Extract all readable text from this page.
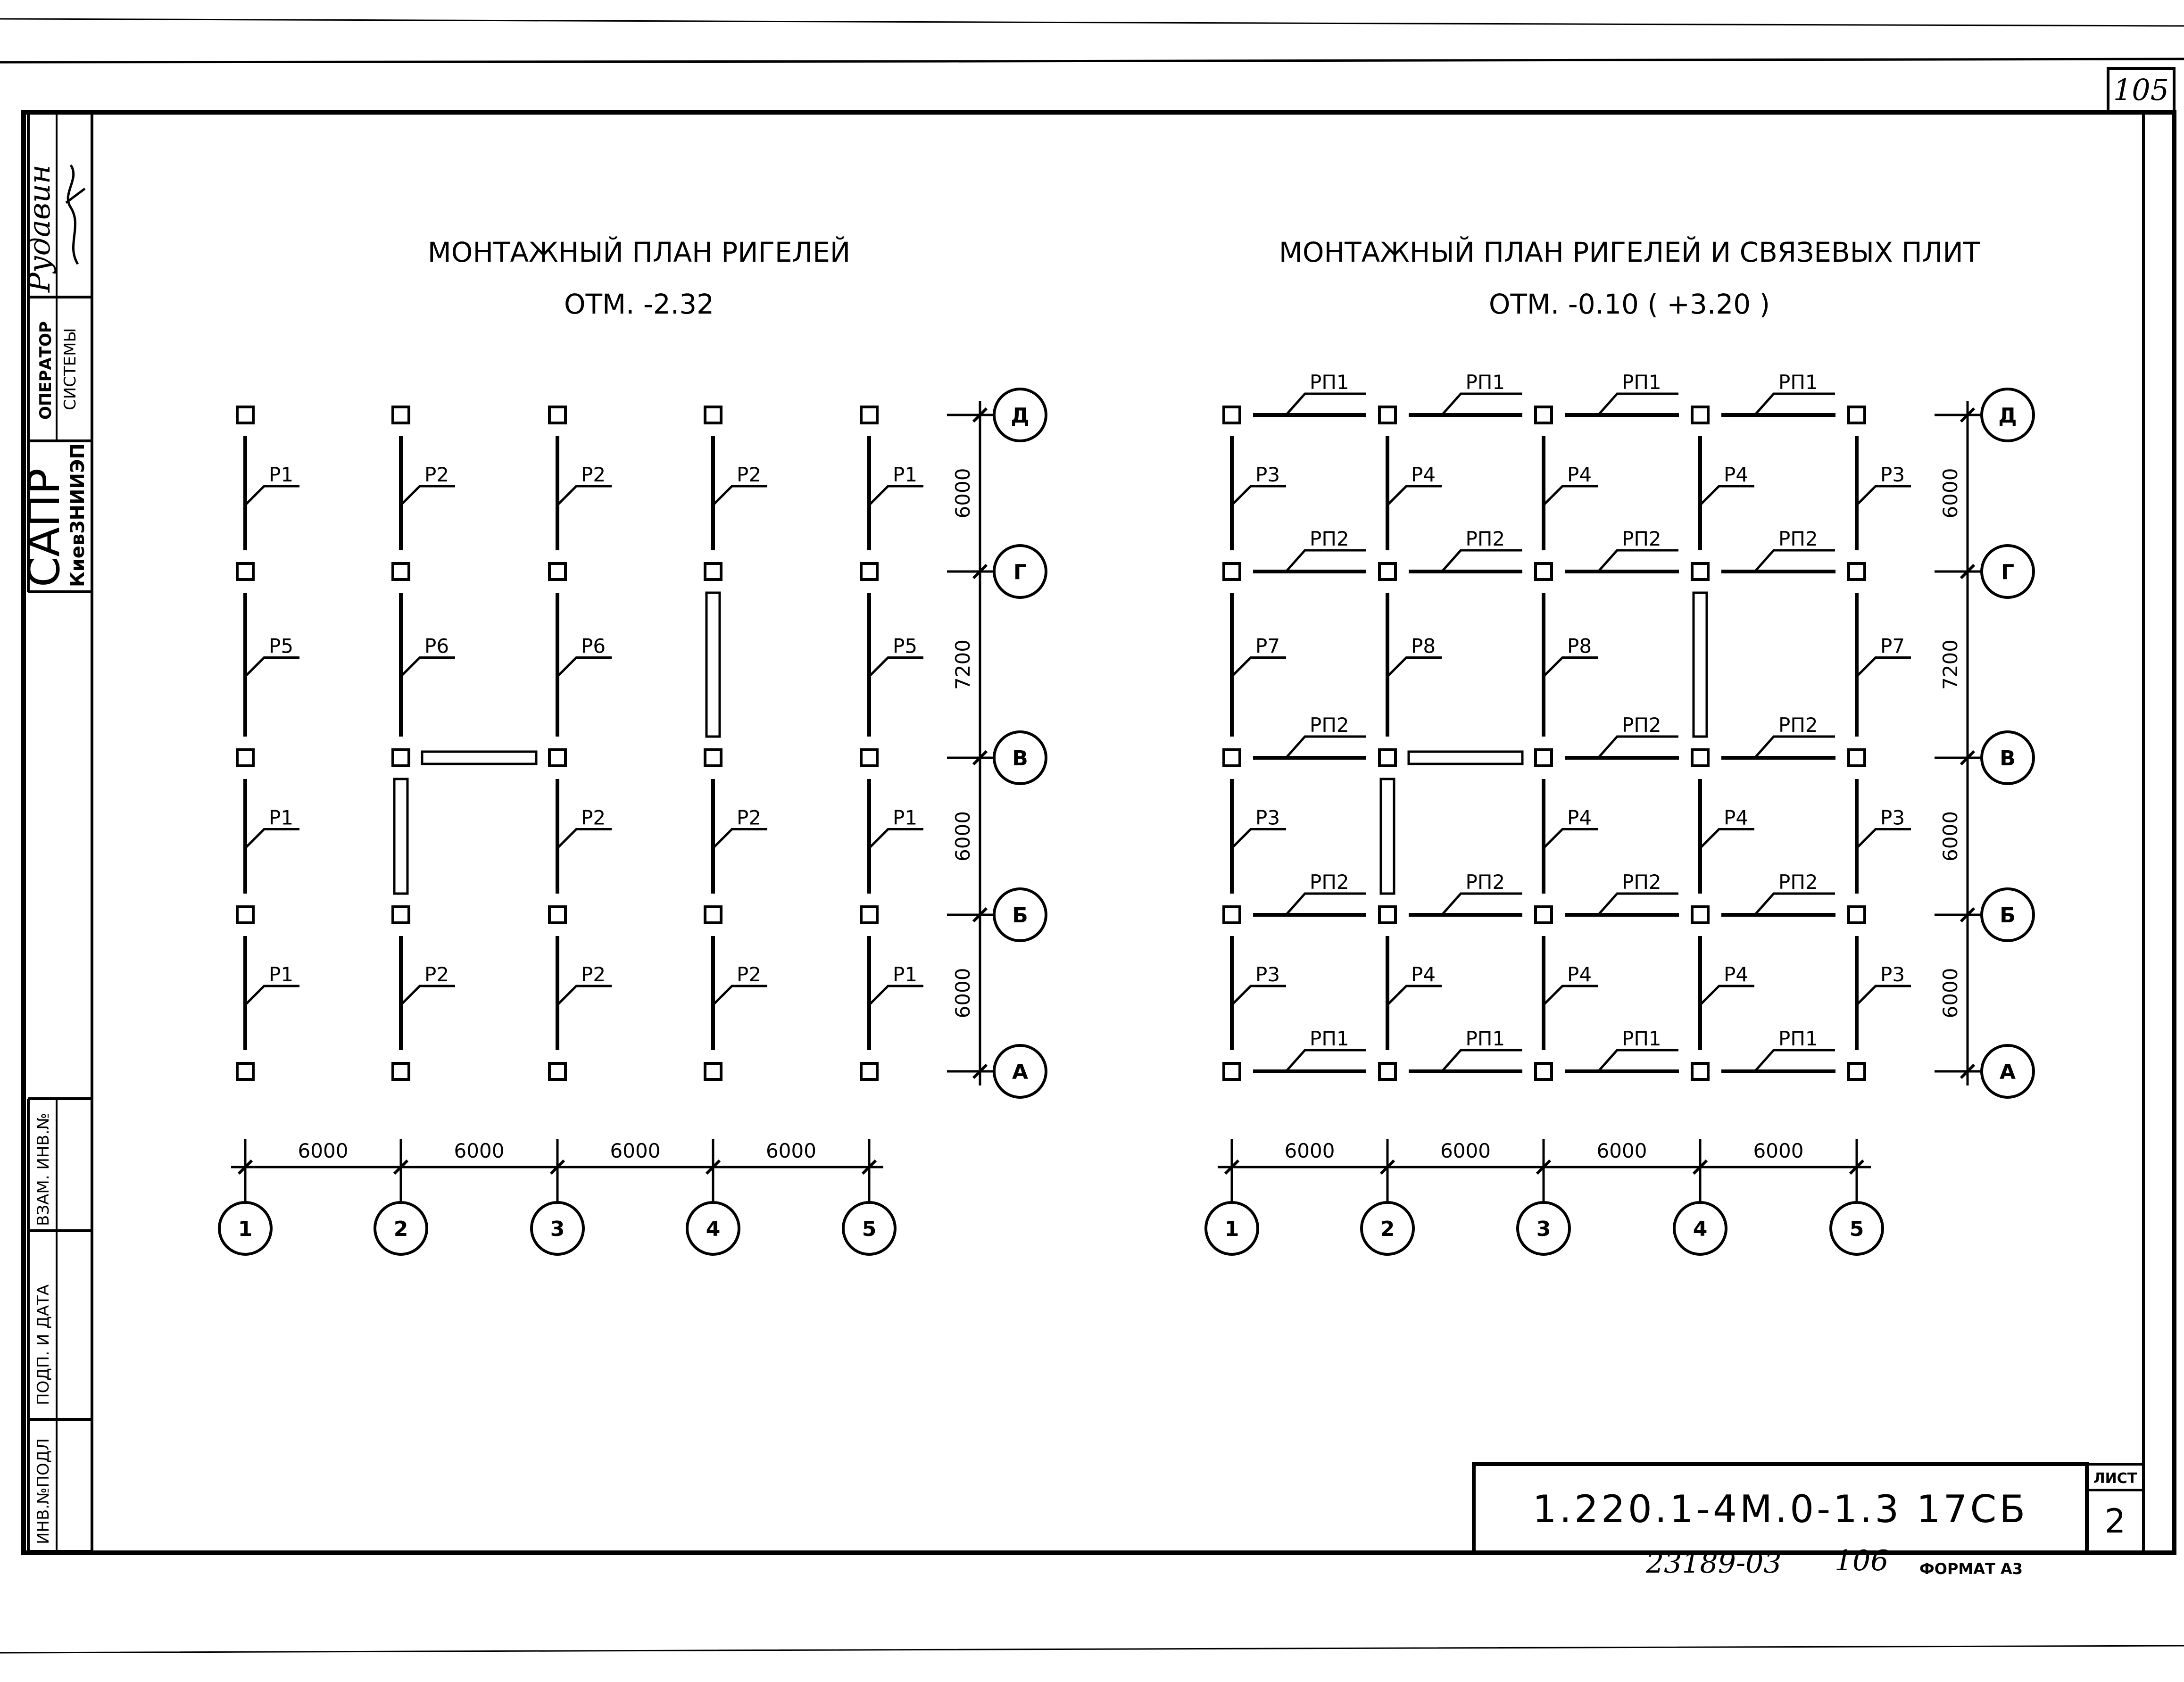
105
Рудавин
ОПЕРАТОР СИСТЕМЫ
САПР
КиевЗНИИЭП
ВЗАМ. ИНВ.№
ПОДП. И ДАТА
ИНВ.№ПОДЛ
МОНТАЖНЫЙ ПЛАН РИГЕЛЕЙ
ОТМ. -2.32
МОНТАЖНЫЙ ПЛАН РИГЕЛЕЙ И СВЯЗЕВЫХ ПЛИТ
ОТМ. -0.10 ( +3.20 )
Р1	Р2	Р2	Р2	Р1
Р5	Р6	Р6	Р5
Р1	Р2	Р2	Р1
Р1	Р2	Р2	Р2	Р1
Д
Г
В
Б
А
6000
7200
6000
6000
1	2	3	4	5
6000	6000	6000	6000
Р3	Р4	Р4	Р4	Р3
Р7	Р8	Р8	Р7
Р3	Р4	Р4	Р3
Р3	Р4	Р4	Р4	Р3
РП1	РП1	РП1	РП1
РП2	РП2	РП2	РП2
РП2	РП2	РП2
РП2	РП2	РП2	РП2
РП1	РП1	РП1	РП1
Д
Г
В
Б
А
6000
7200
6000
6000
1	2	3	4	5
6000	6000	6000	6000
1.220.1-4М.0-1.3 17СБ
ЛИСТ
2
23189-03 106 ФОРМАТ А3
